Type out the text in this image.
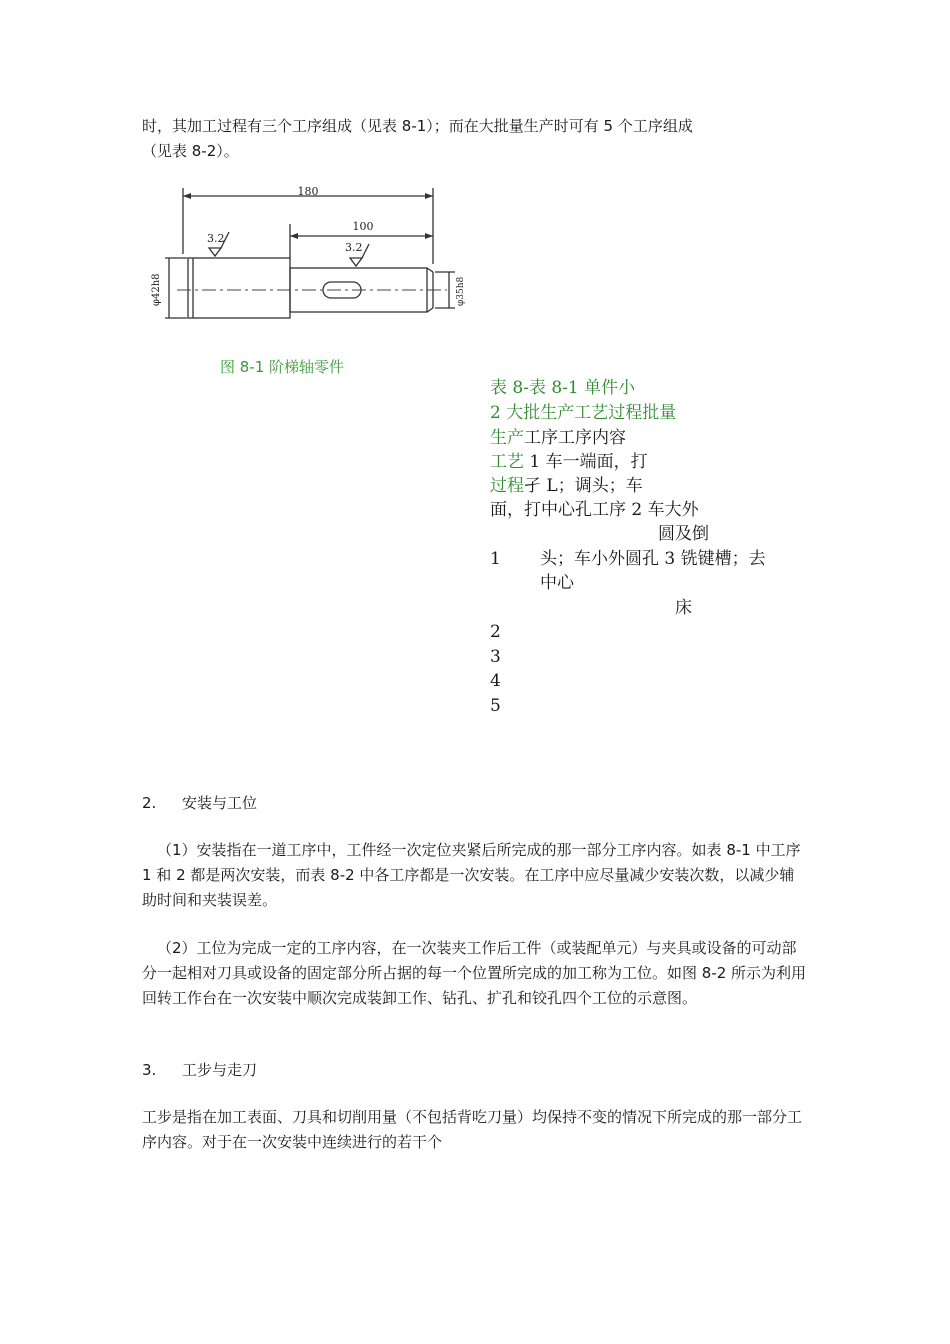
时，其加工过程有三个工序组成（见表 8-1）；而在大批量生产时可有 5 个工序组成

（见表 8-2）。

180
100
3.2
3.2
φ42h8	φ35h8
图 8-1 阶梯轴零件
表 8-表 8-1 单件小
2 大批生产工艺过程批量
生产工序工序内容
工艺 1 车一端面，打
过程孑 L；调头；车
面，打中心孔工序 2 车大外
圆及倒
1 头；车小外圆孔 3 铣键槽；去
中心
床
2
3
4
5
2. 安装与工位

（1）安装指在一道工序中，工件经一次定位夹紧后所完成的那一部分工序内容。如表 8-1 中工序 1 和 2 都是两次安装，而表 8-2 中各工序都是一次安装。在工序中应尽量减少安装次数，以减少辅助时间和夹装误差。

（2）工位为完成一定的工序内容，在一次装夹工作后工件（或装配单元）与夹具或设备的可动部分一起相对刀具或设备的固定部分所占据的每一个位置所完成的加工称为工位。如图 8-2 所示为利用回转工作台在一次安装中顺次完成装卸工作、钻孔、扩孔和铰孔四个工位的示意图。

3. 工步与走刀

工步是指在加工表面、刀具和切削用量（不包括背吃刀量）均保持不变的情况下所完成的那一部分工序内容。对于在一次安装中连续进行的若干个
